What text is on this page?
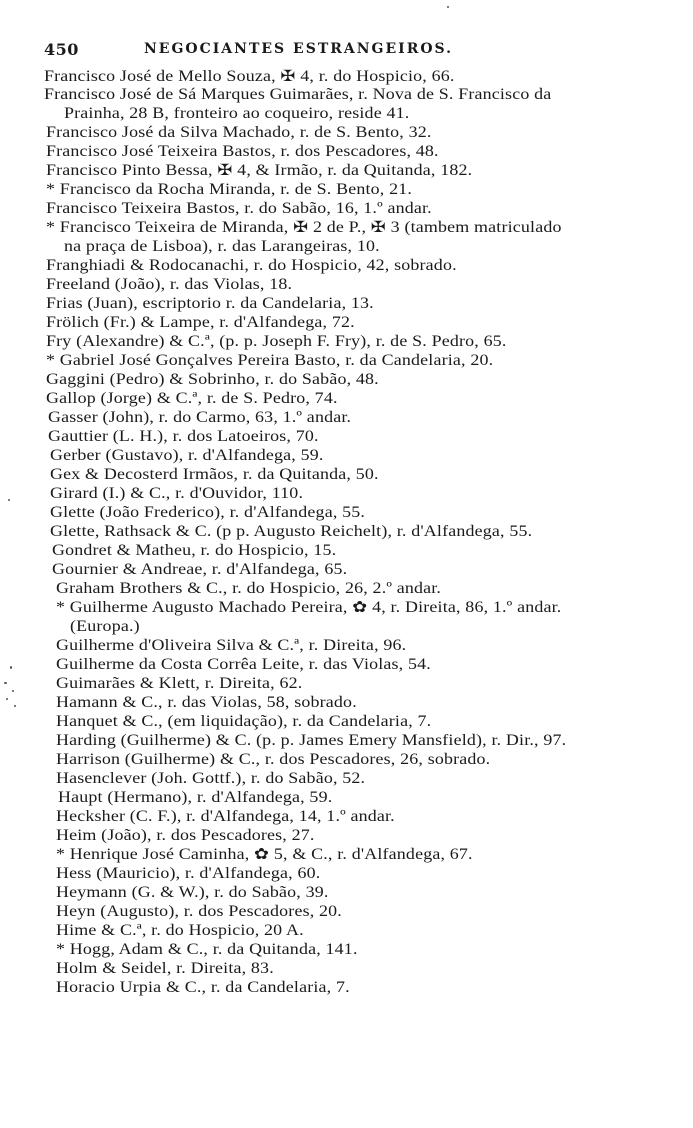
450	NEGOCIANTES ESTRANGEIROS.
Francisco José de Mello Souza, ✠ 4, r. do Hospicio, 66.
Francisco José de Sá Marques Guimarães, r. Nova de S. Francisco da
Prainha, 28 B, fronteiro ao coqueiro, reside 41.
Francisco José da Silva Machado, r. de S. Bento, 32.
Francisco José Teixeira Bastos, r. dos Pescadores, 48.
Francisco Pinto Bessa, ✠ 4, & Irmão, r. da Quitanda, 182.
* Francisco da Rocha Miranda, r. de S. Bento, 21.
Francisco Teixeira Bastos, r. do Sabão, 16, 1.º andar.
* Francisco Teixeira de Miranda, ✠ 2 de P., ✠ 3 (tambem matriculado
na praça de Lisboa), r. das Larangeiras, 10.
Franghiadi & Rodocanachi, r. do Hospicio, 42, sobrado.
Freeland (João), r. das Violas, 18.
Frias (Juan), escriptorio r. da Candelaria, 13.
Frölich (Fr.) & Lampe, r. d'Alfandega, 72.
Fry (Alexandre) & C.ª, (p. p. Joseph F. Fry), r. de S. Pedro, 65.
* Gabriel José Gonçalves Pereira Basto, r. da Candelaria, 20.
Gaggini (Pedro) & Sobrinho, r. do Sabão, 48.
Gallop (Jorge) & C.ª, r. de S. Pedro, 74.
Gasser (John), r. do Carmo, 63, 1.º andar.
Gauttier (L. H.), r. dos Latoeiros, 70.
Gerber (Gustavo), r. d'Alfandega, 59.
Gex & Decosterd Irmãos, r. da Quitanda, 50.
Girard (I.) & C., r. d'Ouvidor, 110.
Glette (João Frederico), r. d'Alfandega, 55.
Glette, Rathsack & C. (p p. Augusto Reichelt), r. d'Alfandega, 55.
Gondret & Matheu, r. do Hospicio, 15.
Gournier & Andreae, r. d'Alfandega, 65.
Graham Brothers & C., r. do Hospicio, 26, 2.º andar.
* Guilherme Augusto Machado Pereira, ✿ 4, r. Direita, 86, 1.º andar.
(Europa.)
Guilherme d'Oliveira Silva & C.ª, r. Direita, 96.
Guilherme da Costa Corrêa Leite, r. das Violas, 54.
Guimarães & Klett, r. Direita, 62.
Hamann & C., r. das Violas, 58, sobrado.
Hanquet & C., (em liquidação), r. da Candelaria, 7.
Harding (Guilherme) & C. (p. p. James Emery Mansfield), r. Dir., 97.
Harrison (Guilherme) & C., r. dos Pescadores, 26, sobrado.
Hasenclever (Joh. Gottf.), r. do Sabão, 52.
Haupt (Hermano), r. d'Alfandega, 59.
Hecksher (C. F.), r. d'Alfandega, 14, 1.º andar.
Heim (João), r. dos Pescadores, 27.
* Henrique José Caminha, ✿ 5, & C., r. d'Alfandega, 67.
Hess (Mauricio), r. d'Alfandega, 60.
Heymann (G. & W.), r. do Sabão, 39.
Heyn (Augusto), r. dos Pescadores, 20.
Hime & C.ª, r. do Hospicio, 20 A.
* Hogg, Adam & C., r. da Quitanda, 141.
Holm & Seidel, r. Direita, 83.
Horacio Urpia & C., r. da Candelaria, 7.
